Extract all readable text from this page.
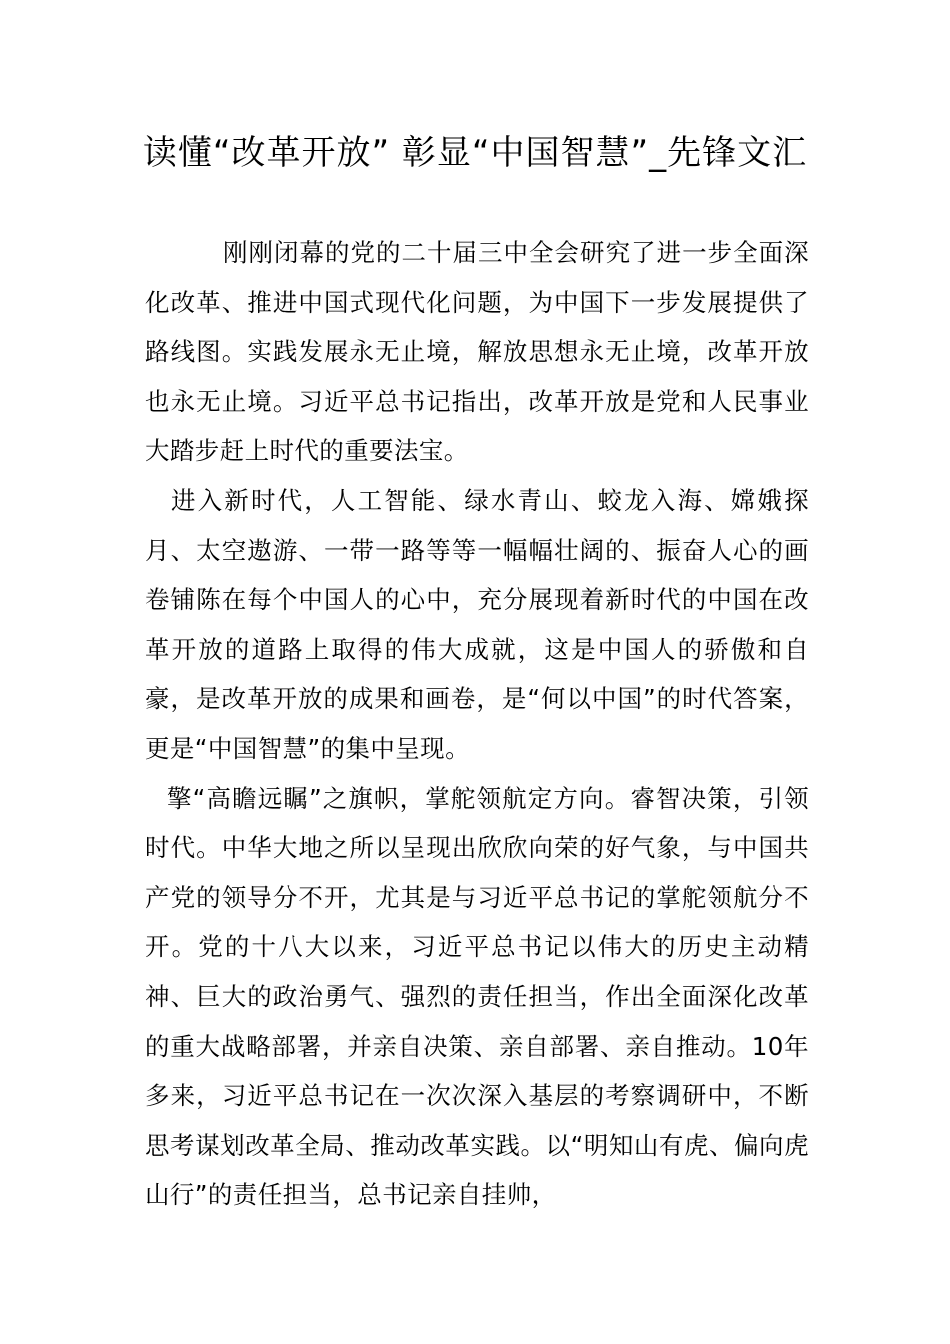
读懂“改革开放” 彰显“中国智慧”_先锋文汇

刚刚闭幕的党的二十届三中全会研究了进一步全面深化改革、推进中国式现代化问题，为中国下一步发展提供了路线图。实践发展永无止境，解放思想永无止境，改革开放也永无止境。习近平总书记指出，改革开放是党和人民事业大踏步赶上时代的重要法宝。

进入新时代，人工智能、绿水青山、蛟龙入海、嫦娥探月、太空遨游、一带一路等等一幅幅壮阔的、振奋人心的画卷铺陈在每个中国人的心中，充分展现着新时代的中国在改革开放的道路上取得的伟大成就，这是中国人的骄傲和自豪，是改革开放的成果和画卷，是“何以中国”的时代答案，更是“中国智慧”的集中呈现。

擎“高瞻远瞩”之旗帜，掌舵领航定方向。睿智决策，引领时代。中华大地之所以呈现出欣欣向荣的好气象，与中国共产党的领导分不开，尤其是与习近平总书记的掌舵领航分不开。党的十八大以来，习近平总书记以伟大的历史主动精神、巨大的政治勇气、强烈的责任担当，作出全面深化改革的重大战略部署，并亲自决策、亲自部署、亲自推动。10年多来，习近平总书记在一次次深入基层的考察调研中，不断思考谋划改革全局、推动改革实践。以“明知山有虎、偏向虎山行”的责任担当，总书记亲自挂帅，
